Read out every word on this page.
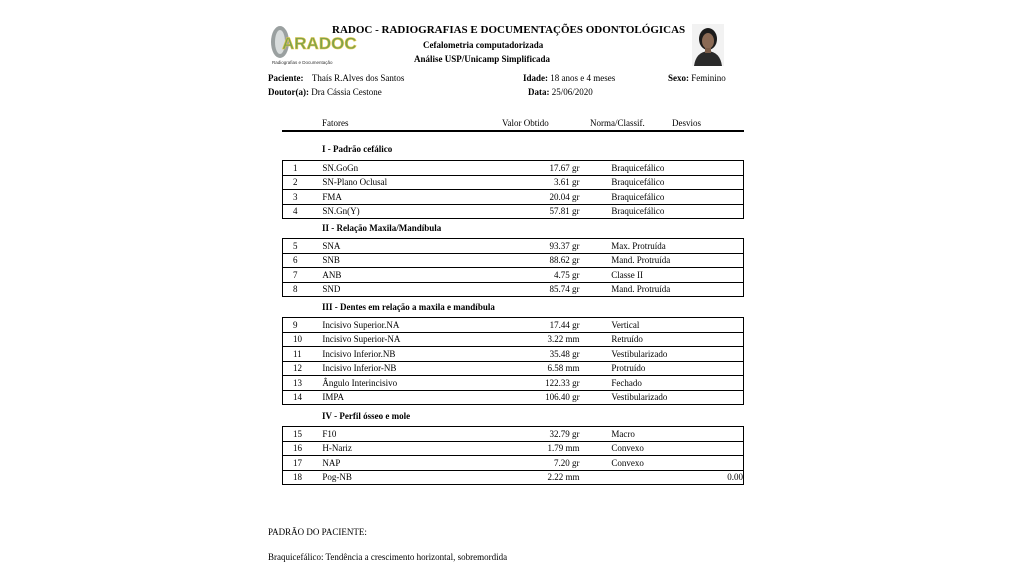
ARADOC
Radiografias e Documentação
RADOC - RADIOGRAFIAS E DOCUMENTAÇÕES ODONTOLÓGICAS
Cefalometria computadorizada
Análise USP/Unicamp Simplificada
Paciente: Thaís R.Alves dos Santos	Idade: 18 anos e 4 meses	Sexo: Feminino
Doutor(a): Dra Cássia Cestone	Data: 25/06/2020
Fatores	Valor Obtido	Norma/Classif.	Desvios
I - Padrão cefálico
1	SN.GoGn	17.67 gr		Braquicefálico	
2	SN-Plano Oclusal	3.61 gr		Braquicefálico	
3	FMA	20.04 gr		Braquicefálico	
4	SN.Gn(Y)	57.81 gr		Braquicefálico	
II - Relação Maxila/Mandíbula
5	SNA	93.37 gr		Max. Protruída	
6	SNB	88.62 gr		Mand. Protruída	
7	ANB	4.75 gr		Classe II	
8	SND	85.74 gr		Mand. Protruída	
III - Dentes em relação a maxila e mandíbula
9	Incisivo Superior.NA	17.44 gr		Vertical	
10	Incisivo Superior-NA	3.22 mm		Retruído	
11	Incisivo Inferior.NB	35.48 gr		Vestibularizado	
12	Incisivo Inferior-NB	6.58 mm		Protruído	
13	Ângulo Interincisivo	122.33 gr		Fechado	
14	IMPA	106.40 gr		Vestibularizado	
IV - Perfil ósseo e mole
15	F10	32.79 gr		Macro	
16	H-Nariz	1.79 mm		Convexo	
17	NAP	7.20 gr		Convexo	
18	Pog-NB	2.22 mm			0.00
PADRÃO DO PACIENTE:
Braquicefálico: Tendência a crescimento horizontal, sobremordida
